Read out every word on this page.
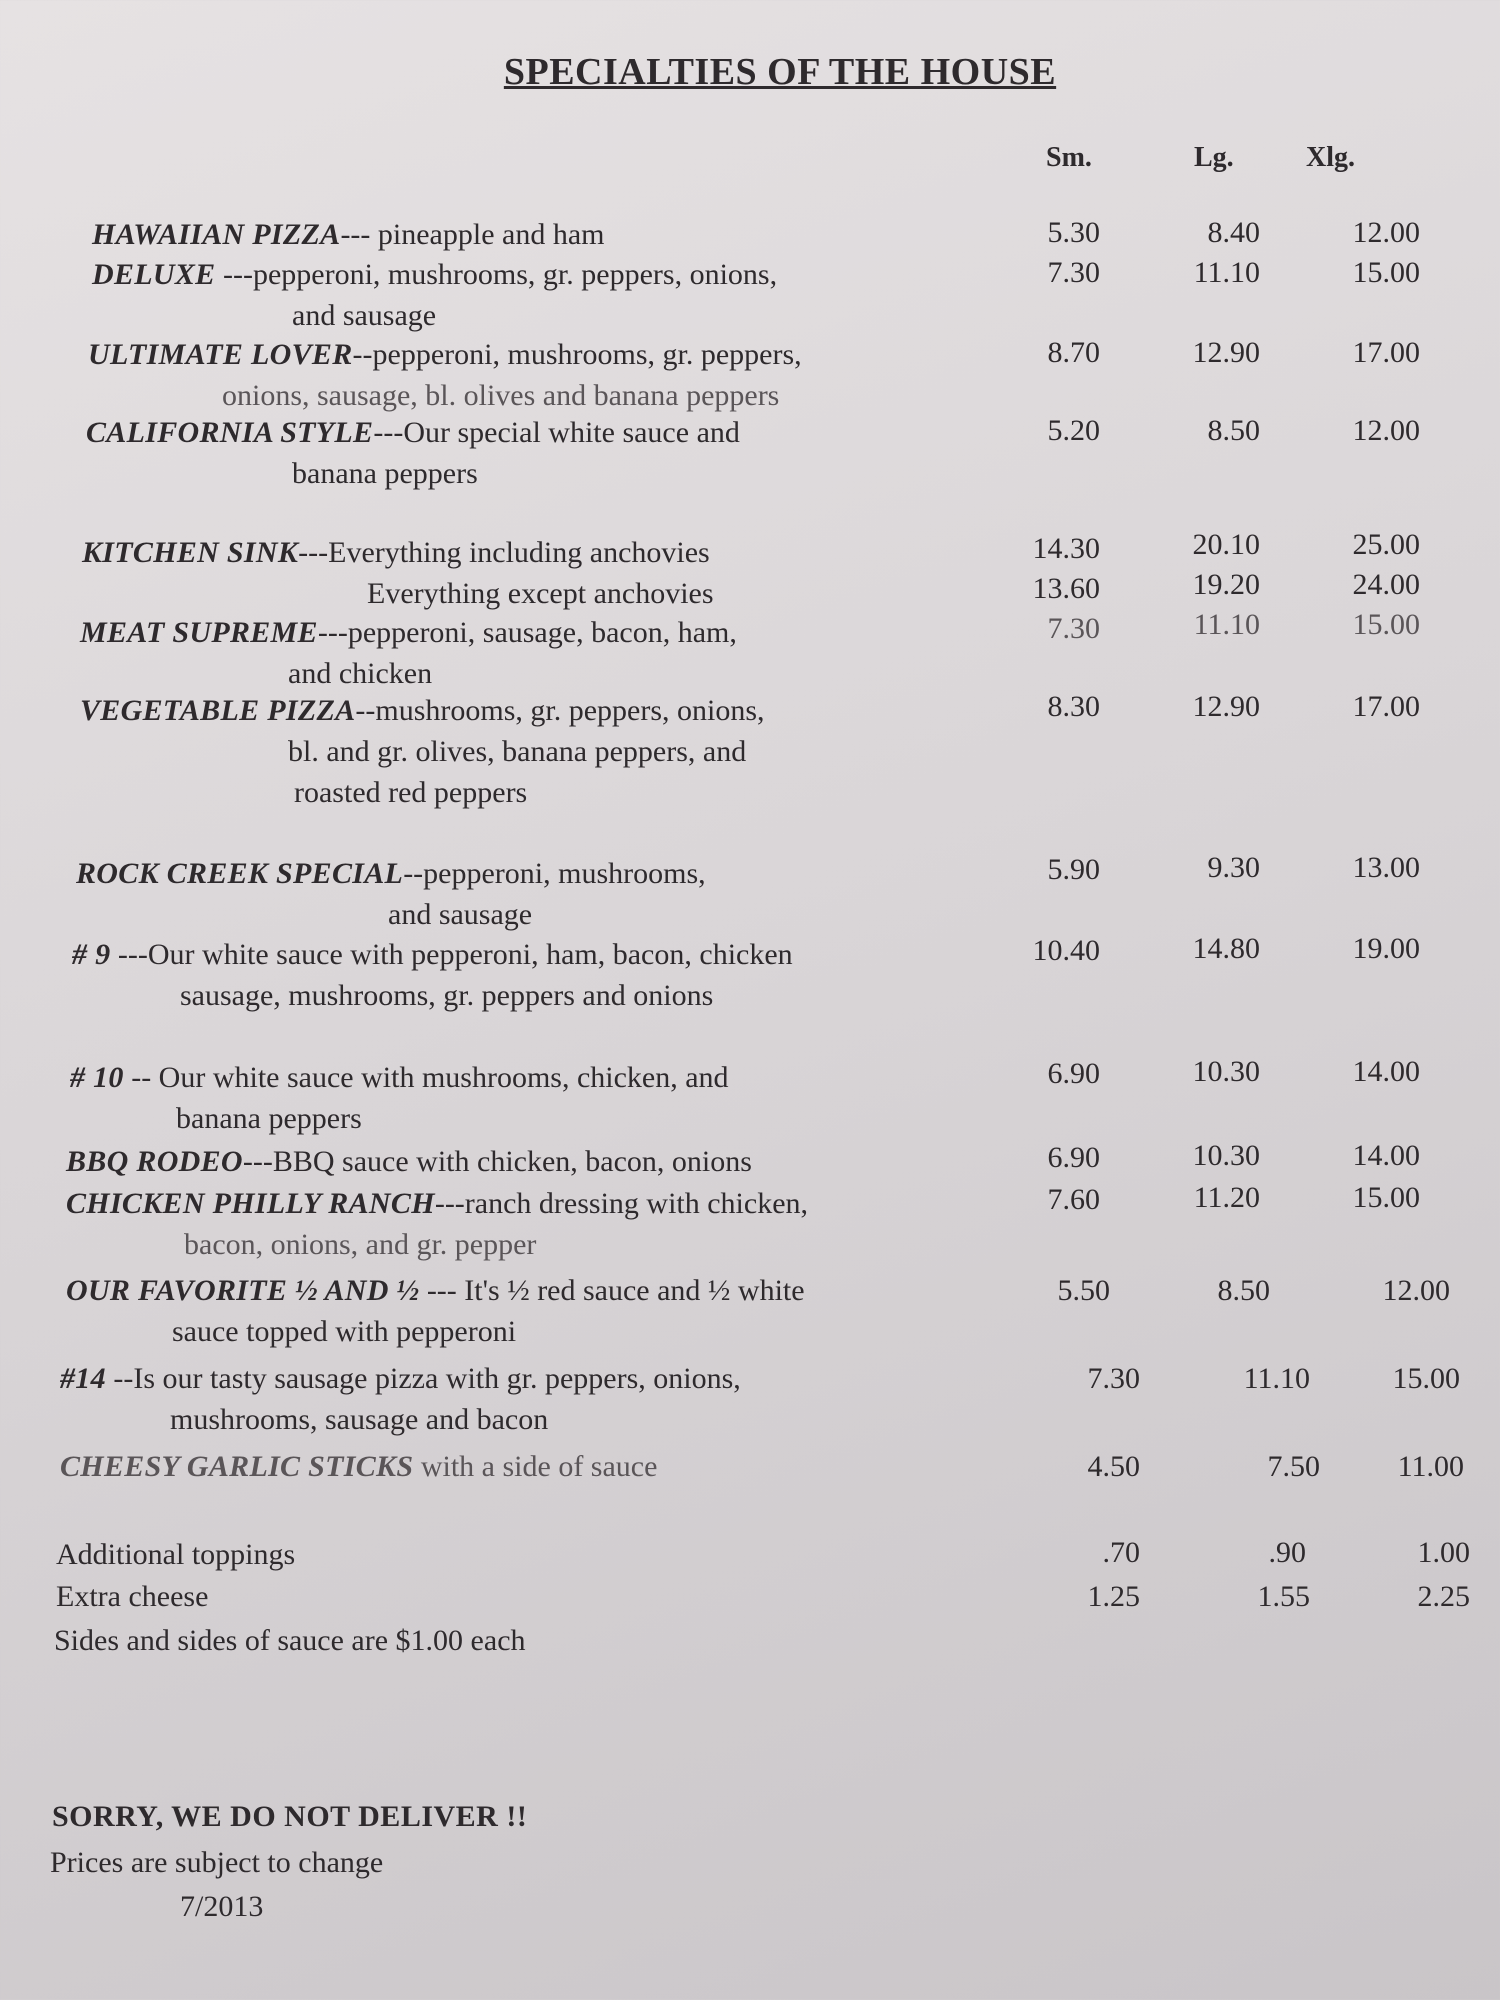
SPECIALTIES OF THE HOUSE
Sm.	Lg.	Xlg.
HAWAIIAN PIZZA--- pineapple and ham	5.30	8.40	12.00
DELUXE ---pepperoni, mushrooms, gr. peppers, onions,
and sausage
7.30	11.10	15.00
ULTIMATE LOVER--pepperoni, mushrooms, gr. peppers,
onions, sausage, bl. olives and banana peppers
8.70	12.90	17.00
CALIFORNIA STYLE---Our special white sauce and
banana peppers
5.20	8.50	12.00
KITCHEN SINK---Everything including anchovies
Everything except anchovies
14.30	20.10	25.00
13.60	19.20	24.00
MEAT SUPREME---pepperoni, sausage, bacon, ham,
and chicken
7.30	11.10	15.00
VEGETABLE PIZZA--mushrooms, gr. peppers, onions,
bl. and gr. olives, banana peppers, and
roasted red peppers
8.30	12.90	17.00
ROCK CREEK SPECIAL--pepperoni, mushrooms,
and sausage
5.90	9.30	13.00
# 9 ---Our white sauce with pepperoni, ham, bacon, chicken
sausage, mushrooms, gr. peppers and onions
10.40	14.80	19.00
# 10 -- Our white sauce with mushrooms, chicken, and
banana peppers
6.90	10.30	14.00
BBQ RODEO---BBQ sauce with chicken, bacon, onions	6.90	10.30	14.00
CHICKEN PHILLY RANCH---ranch dressing with chicken,
bacon, onions, and gr. pepper
7.60	11.20	15.00
OUR FAVORITE ½ AND ½ --- It's ½ red sauce and ½ white
sauce topped with pepperoni
5.50	8.50	12.00
#14 --Is our tasty sausage pizza with gr. peppers, onions,
mushrooms, sausage and bacon
7.30	11.10	15.00
CHEESY GARLIC STICKS with a side of sauce	4.50	7.50	11.00
Additional toppings	.70	.90	1.00
Extra cheese	1.25	1.55	2.25
Sides and sides of sauce are $1.00 each
SORRY, WE DO NOT DELIVER !!
Prices are subject to change
7/2013
